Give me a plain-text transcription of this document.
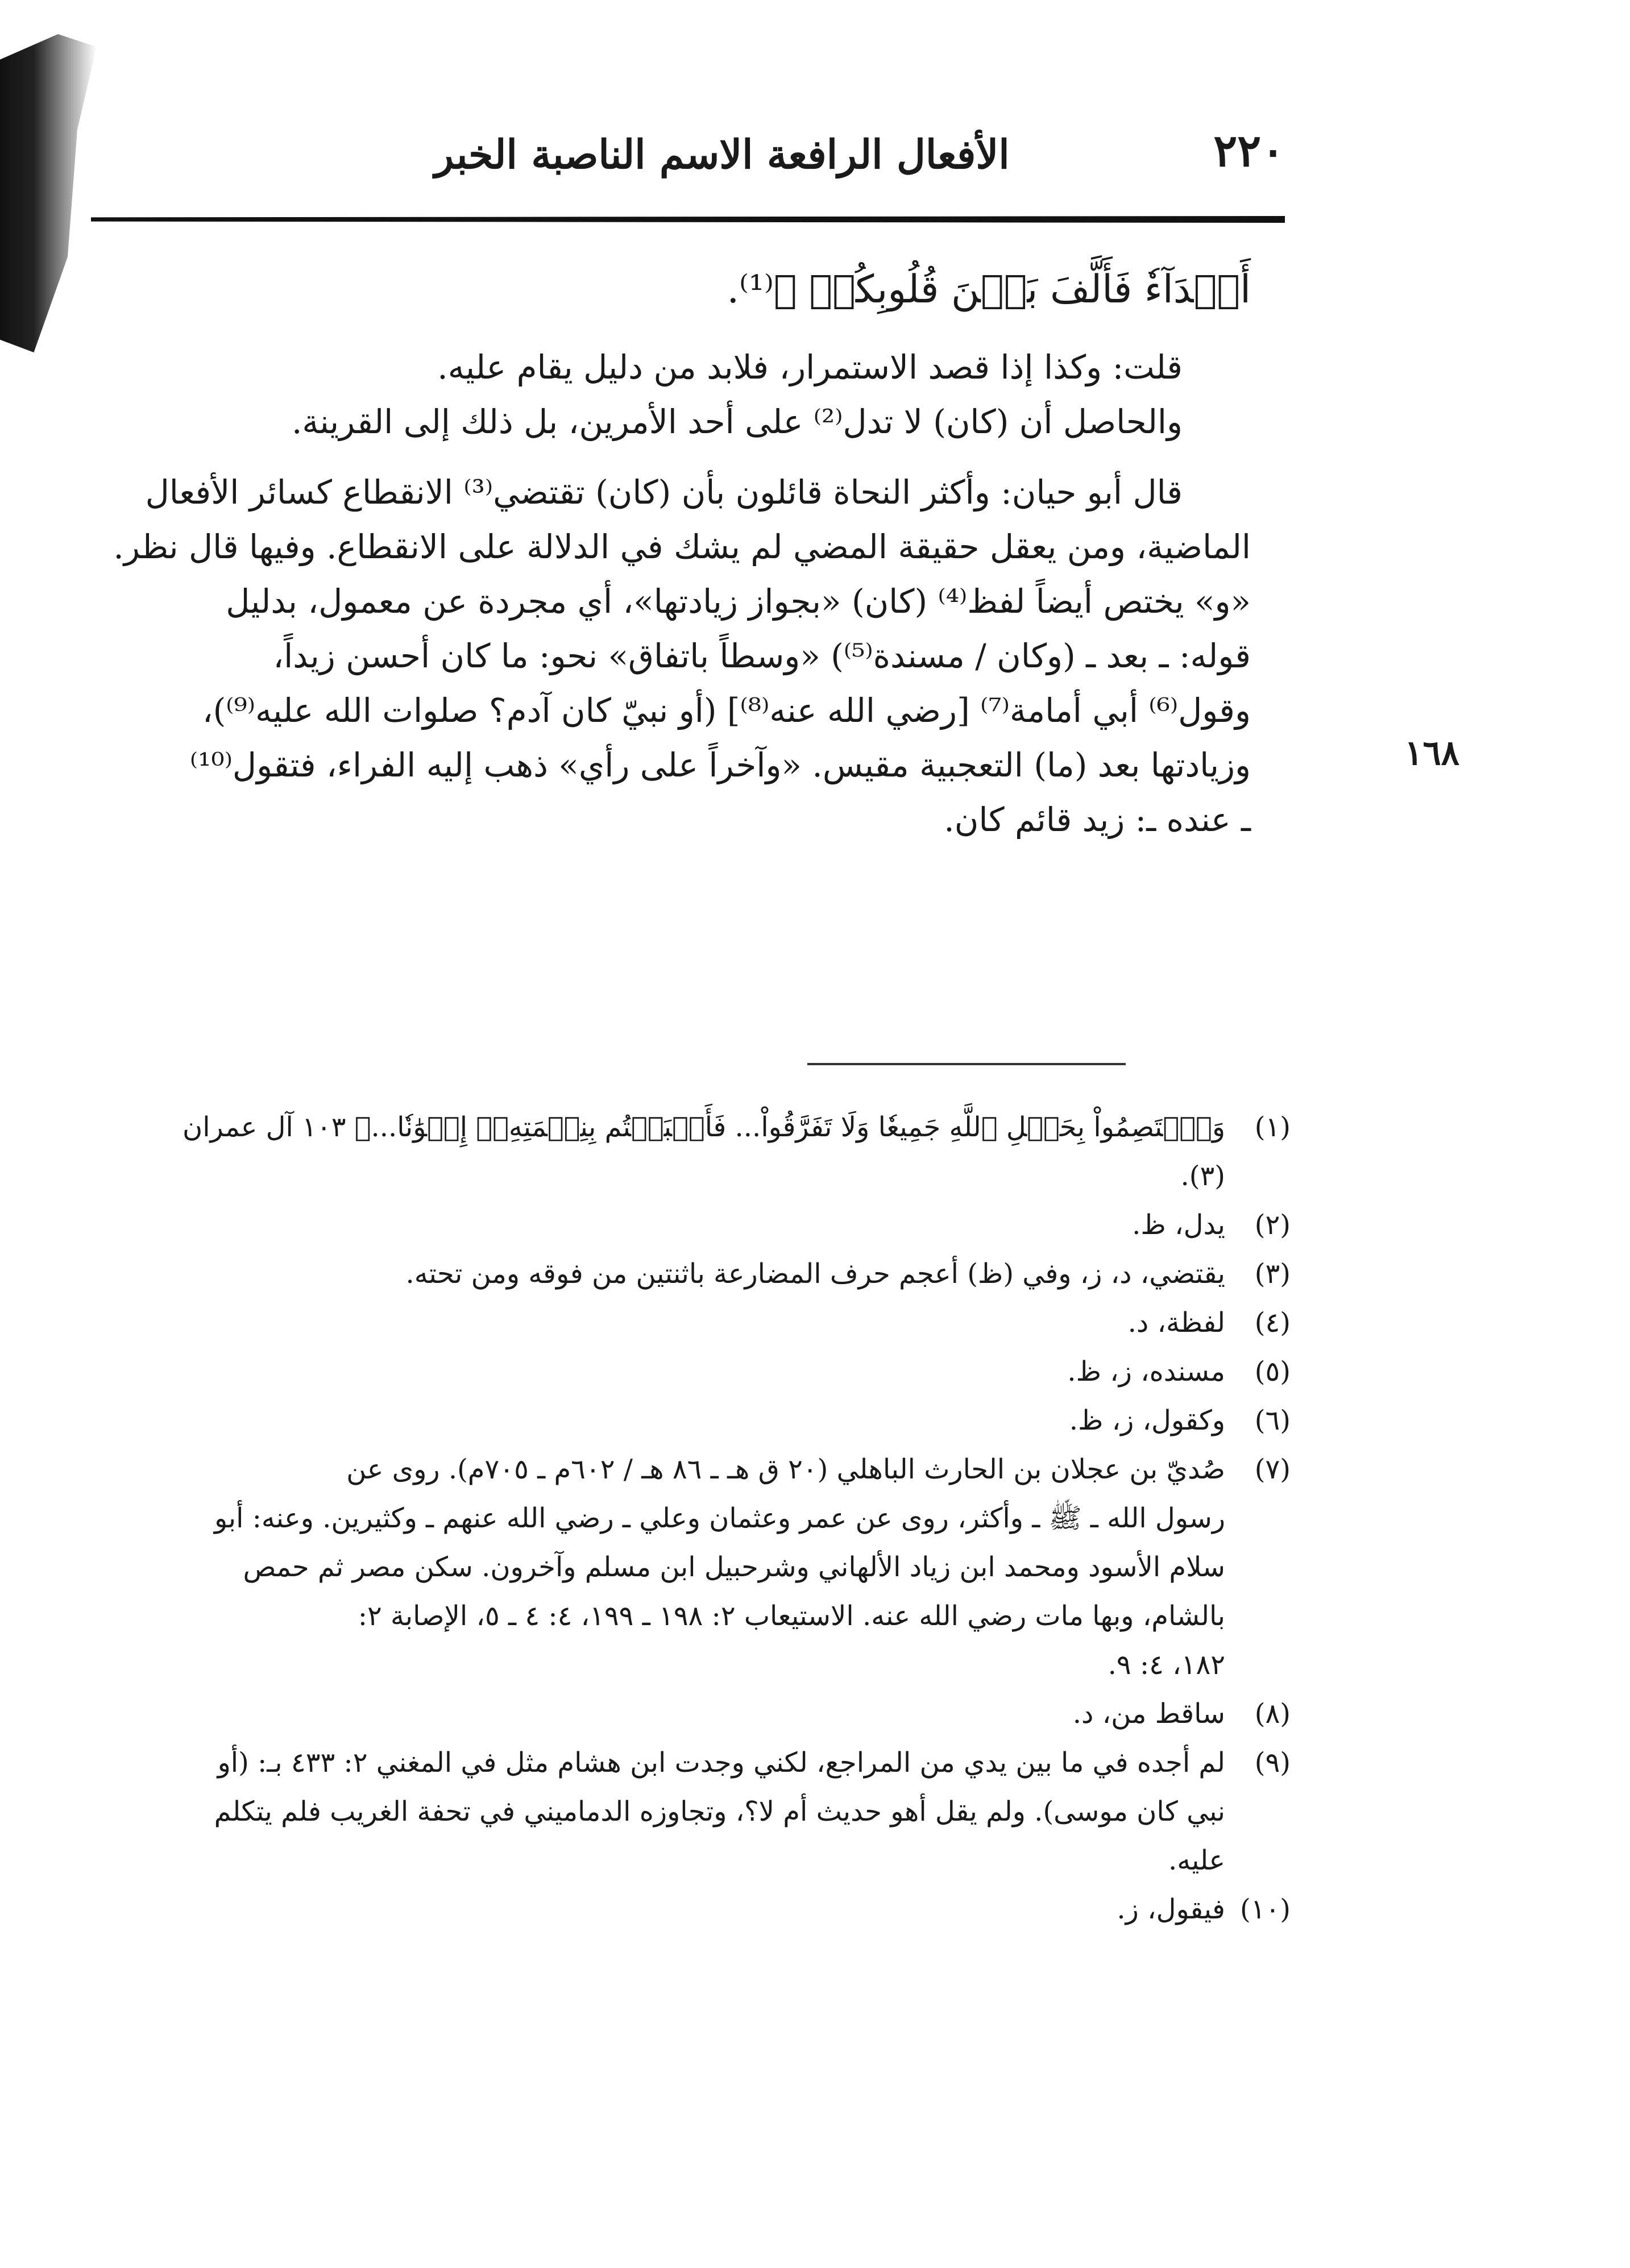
٢٢٠
الأفعال الرافعة الاسم الناصبة الخبر
أَعۡدَآءٗ فَأَلَّفَ بَيۡنَ قُلُوبِكُمۡ ﴾⁽¹⁾.
قلت: وكذا إذا قصد الاستمرار، فلابد من دليل يقام عليه.
والحاصل أن (كان) لا تدل⁽²⁾ على أحد الأمرين، بل ذلك إلى القرينة.
قال أبو حيان: وأكثر النحاة قائلون بأن (كان) تقتضي⁽³⁾ الانقطاع كسائر الأفعال
الماضية، ومن يعقل حقيقة المضي لم يشك في الدلالة على الانقطاع. وفيها قال نظر.
«و» يختص أيضاً لفظ⁽⁴⁾ (كان) «بجواز زيادتها»، أي مجردة عن معمول، بدليل
قوله: ـ بعد ـ (وكان / مسندة⁽⁵⁾) «وسطاً باتفاق» نحو: ما كان أحسن زيداً،
وقول⁽⁶⁾ أبي أمامة⁽⁷⁾ [رضي الله عنه⁽⁸⁾] (أو نبيّ كان آدم؟ صلوات الله عليه⁽⁹⁾)،
وزيادتها بعد (ما) التعجبية مقيس. «وآخراً على رأي» ذهب إليه الفراء، فتقول⁽¹⁰⁾
ـ عنده ـ: زيد قائم كان.
١٦٨
(١)
وَٱعۡتَصِمُواْ بِحَبۡلِ ٱللَّهِ جَمِيعٗا وَلَا تَفَرَّقُواْ... فَأَصۡبَحۡتُم بِنِعۡمَتِهِۦٓ إِخۡوَٰنٗا...﴾ ١٠٣ آل عمران
(٣).
(٢)
يدل، ظ.
(٣)
يقتضي، د، ز، وفي (ظ) أعجم حرف المضارعة باثنتين من فوقه ومن تحته.
(٤)
لفظة، د.
(٥)
مسنده، ز، ظ.
(٦)
وكقول، ز، ظ.
(٧)
صُديّ بن عجلان بن الحارث الباهلي (٢٠ ق هـ ـ ٨٦ هـ / ٦٠٢م ـ ٧٠٥م). روى عن
رسول الله ـ ﷺ ـ وأكثر، روى عن عمر وعثمان وعلي ـ رضي الله عنهم ـ وكثيرين. وعنه: أبو
سلام الأسود ومحمد ابن زياد الألهاني وشرحبيل ابن مسلم وآخرون. سكن مصر ثم حمص
بالشام، وبها مات رضي الله عنه. الاستيعاب ٢: ١٩٨ ـ ١٩٩، ٤: ٤ ـ ٥، الإصابة ٢:
١٨٢، ٤: ٩.
(٨)
ساقط من، د.
(٩)
لم أجده في ما بين يدي من المراجع، لكني وجدت ابن هشام مثل في المغني ٢: ٤٣٣ بـ: (أو
نبي كان موسى). ولم يقل أهو حديث أم لا؟، وتجاوزه الدماميني في تحفة الغريب فلم يتكلم
عليه.
(١٠)
فيقول، ز.
